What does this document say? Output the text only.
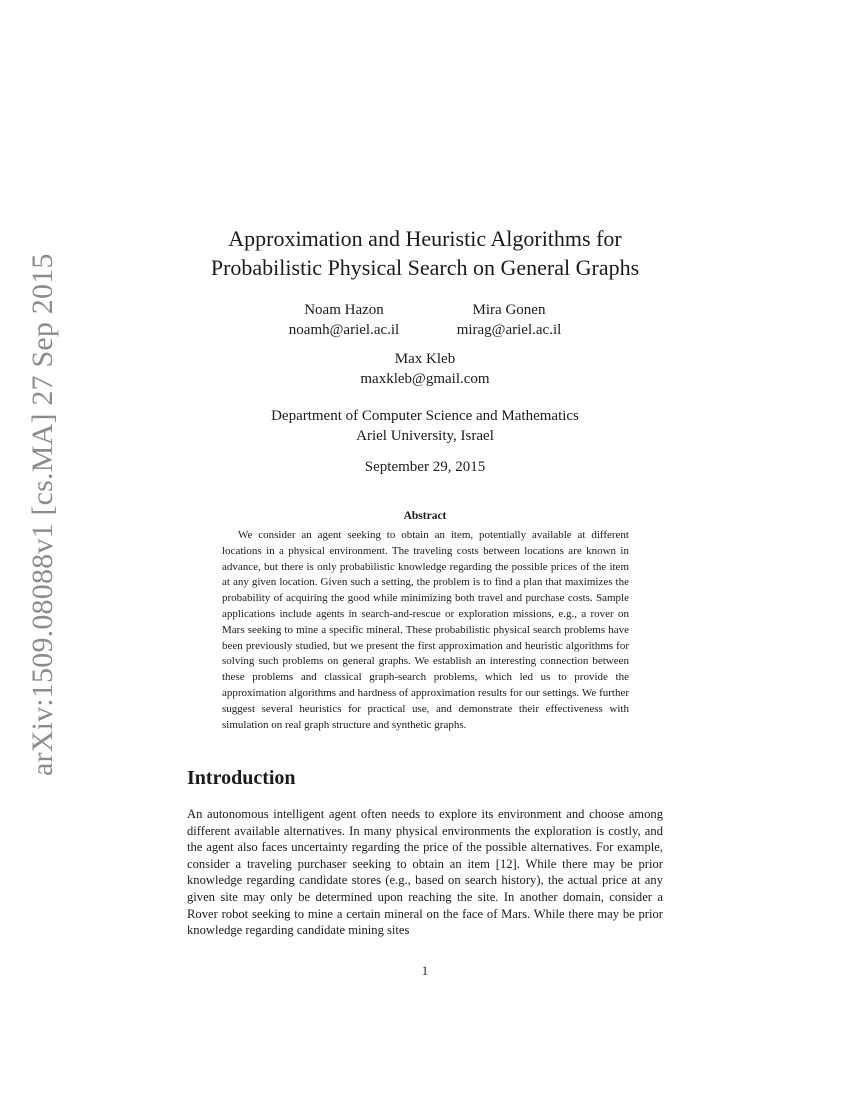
arXiv:1509.08088v1 [cs.MA] 27 Sep 2015
Approximation and Heuristic Algorithms for
Probabilistic Physical Search on General Graphs
Noam Hazon
noamh@ariel.ac.il
Mira Gonen
mirag@ariel.ac.il
Max Kleb
maxkleb@gmail.com
Department of Computer Science and Mathematics
Ariel University, Israel
September 29, 2015
Abstract

We consider an agent seeking to obtain an item, potentially available at different locations in a physical environment. The traveling costs between locations are known in advance, but there is only probabilistic knowledge regarding the possible prices of the item at any given location. Given such a setting, the problem is to find a plan that maximizes the probability of acquiring the good while minimizing both travel and purchase costs. Sample applications include agents in search-and-rescue or exploration missions, e.g., a rover on Mars seeking to mine a specific mineral. These probabilistic physical search problems have been previously studied, but we present the first approximation and heuristic algorithms for solving such problems on general graphs. We establish an interesting connection between these problems and classical graph-search problems, which led us to provide the approximation algorithms and hardness of approximation results for our settings. We further suggest several heuristics for practical use, and demonstrate their effectiveness with simulation on real graph structure and synthetic graphs.

Introduction

An autonomous intelligent agent often needs to explore its environment and choose among different available alternatives. In many physical environments the exploration is costly, and the agent also faces uncertainty regarding the price of the possible alternatives. For example, consider a traveling purchaser seeking to obtain an item [12]. While there may be prior knowledge regarding candidate stores (e.g., based on search history), the actual price at any given site may only be determined upon reaching the site. In another domain, consider a Rover robot seeking to mine a certain mineral on the face of Mars. While there may be prior knowledge regarding candidate mining sites

1
